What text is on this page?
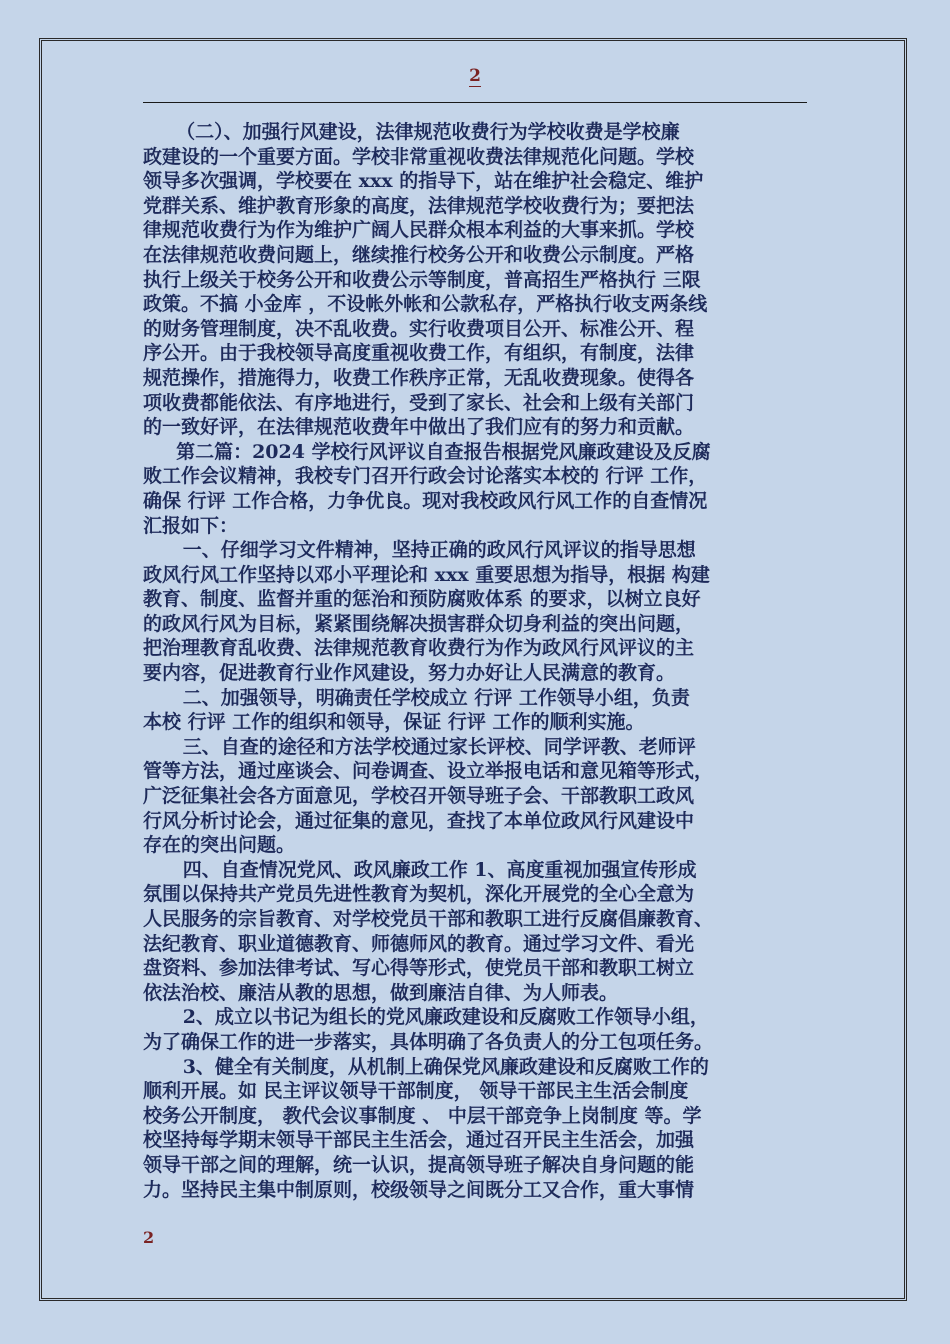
2

（二）、加强行风建设，法律规范收费行为学校收费是学校廉

政建设的一个重要方面。学校非常重视收费法律规范化问题。学校

领导多次强调，学校要在 xxx 的指导下，站在维护社会稳定、维护

党群关系、维护教育形象的高度，法律规范学校收费行为；要把法

律规范收费行为作为维护广阔人民群众根本利益的大事来抓。学校

在法律规范收费问题上，继续推行校务公开和收费公示制度。严格

执行上级关于校务公开和收费公示等制度，普高招生严格执行 三限

政策。不搞 小金库 ，不设帐外帐和公款私存，严格执行收支两条线

的财务管理制度，决不乱收费。实行收费项目公开、标准公开、程

序公开。由于我校领导高度重视收费工作，有组织，有制度，法律

规范操作，措施得力，收费工作秩序正常，无乱收费现象。使得各

项收费都能依法、有序地进行，受到了家长、社会和上级有关部门

的一致好评，在法律规范收费年中做出了我们应有的努力和贡献。

第二篇：2024 学校行风评议自查报告根据党风廉政建设及反腐

败工作会议精神，我校专门召开行政会讨论落实本校的 行评 工作，

确保 行评 工作合格，力争优良。现对我校政风行风工作的自查情况

汇报如下：

一、仔细学习文件精神，坚持正确的政风行风评议的指导思想

政风行风工作坚持以邓小平理论和 xxx 重要思想为指导，根据 构建

教育、制度、监督并重的惩治和预防腐败体系 的要求，以树立良好

的政风行风为目标，紧紧围绕解决损害群众切身利益的突出问题，

把治理教育乱收费、法律规范教育收费行为作为政风行风评议的主

要内容，促进教育行业作风建设，努力办好让人民满意的教育。

二、加强领导，明确责任学校成立 行评 工作领导小组，负责

本校 行评 工作的组织和领导，保证 行评 工作的顺利实施。

三、自查的途径和方法学校通过家长评校、同学评教、老师评

管等方法，通过座谈会、问卷调查、设立举报电话和意见箱等形式，

广泛征集社会各方面意见，学校召开领导班子会、干部教职工政风

行风分析讨论会，通过征集的意见，查找了本单位政风行风建设中

存在的突出问题。

四、自查情况党风、政风廉政工作 1、高度重视加强宣传形成

氛围以保持共产党员先进性教育为契机，深化开展党的全心全意为

人民服务的宗旨教育、对学校党员干部和教职工进行反腐倡廉教育、

法纪教育、职业道德教育、师德师风的教育。通过学习文件、看光

盘资料、参加法律考试、写心得等形式，使党员干部和教职工树立

依法治校、廉洁从教的思想，做到廉洁自律、为人师表。

2、成立以书记为组长的党风廉政建设和反腐败工作领导小组，

为了确保工作的进一步落实，具体明确了各负责人的分工包项任务。

3、健全有关制度，从机制上确保党风廉政建设和反腐败工作的

顺利开展。如 民主评议领导干部制度， 领导干部民主生活会制度

校务公开制度， 教代会议事制度 、 中层干部竞争上岗制度 等。学

校坚持每学期末领导干部民主生活会，通过召开民主生活会，加强

领导干部之间的理解，统一认识，提高领导班子解决自身问题的能

力。坚持民主集中制原则，校级领导之间既分工又合作，重大事情

2
